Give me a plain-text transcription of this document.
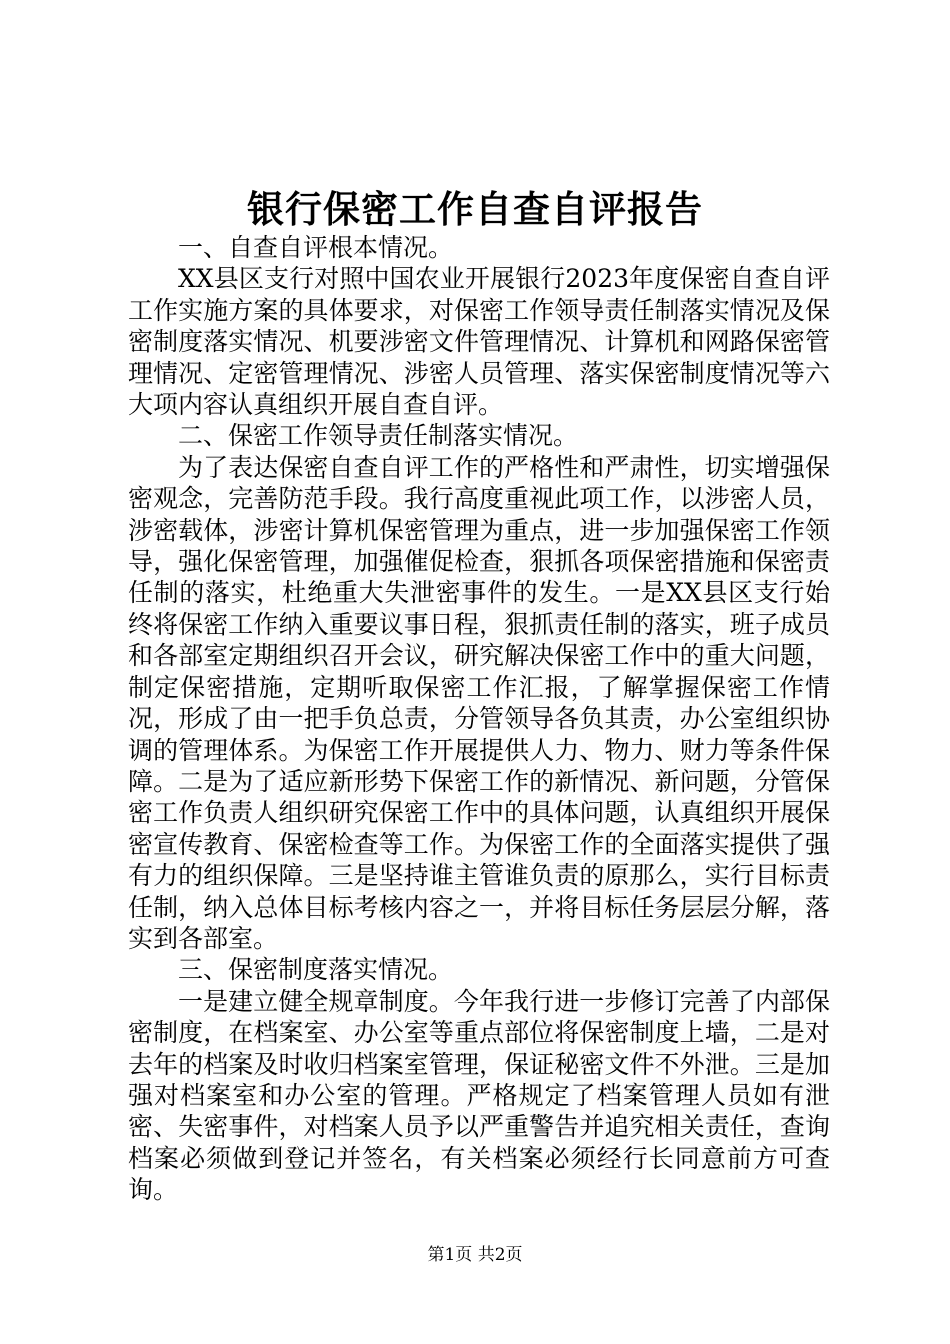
银行保密工作自查自评报告

一、自查自评根本情况。

XX县区支行对照中国农业开展银行2023年度保密自查自评工作实施方案的具体要求，对保密工作领导责任制落实情况及保密制度落实情况、机要涉密文件管理情况、计算机和网路保密管理情况、定密管理情况、涉密人员管理、落实保密制度情况等六大项内容认真组织开展自查自评。

二、保密工作领导责任制落实情况。

为了表达保密自查自评工作的严格性和严肃性，切实增强保密观念，完善防范手段。我行高度重视此项工作，以涉密人员，涉密载体，涉密计算机保密管理为重点，进一步加强保密工作领导，强化保密管理，加强催促检查，狠抓各项保密措施和保密责任制的落实，杜绝重大失泄密事件的发生。一是XX县区支行始终将保密工作纳入重要议事日程，狠抓责任制的落实，班子成员和各部室定期组织召开会议，研究解决保密工作中的重大问题，制定保密措施，定期听取保密工作汇报，了解掌握保密工作情况，形成了由一把手负总责，分管领导各负其责，办公室组织协调的管理体系。为保密工作开展提供人力、物力、财力等条件保障。二是为了适应新形势下保密工作的新情况、新问题，分管保密工作负责人组织研究保密工作中的具体问题，认真组织开展保密宣传教育、保密检查等工作。为保密工作的全面落实提供了强有力的组织保障。三是坚持谁主管谁负责的原那么，实行目标责任制，纳入总体目标考核内容之一，并将目标任务层层分解，落实到各部室。

三、保密制度落实情况。

一是建立健全规章制度。今年我行进一步修订完善了内部保密制度，在档案室、办公室等重点部位将保密制度上墙，二是对去年的档案及时收归档案室管理，保证秘密文件不外泄。三是加强对档案室和办公室的管理。严格规定了档案管理人员如有泄密、失密事件，对档案人员予以严重警告并追究相关责任，查询档案必须做到登记并签名，有关档案必须经行长同意前方可查询。

第1页 共2页
